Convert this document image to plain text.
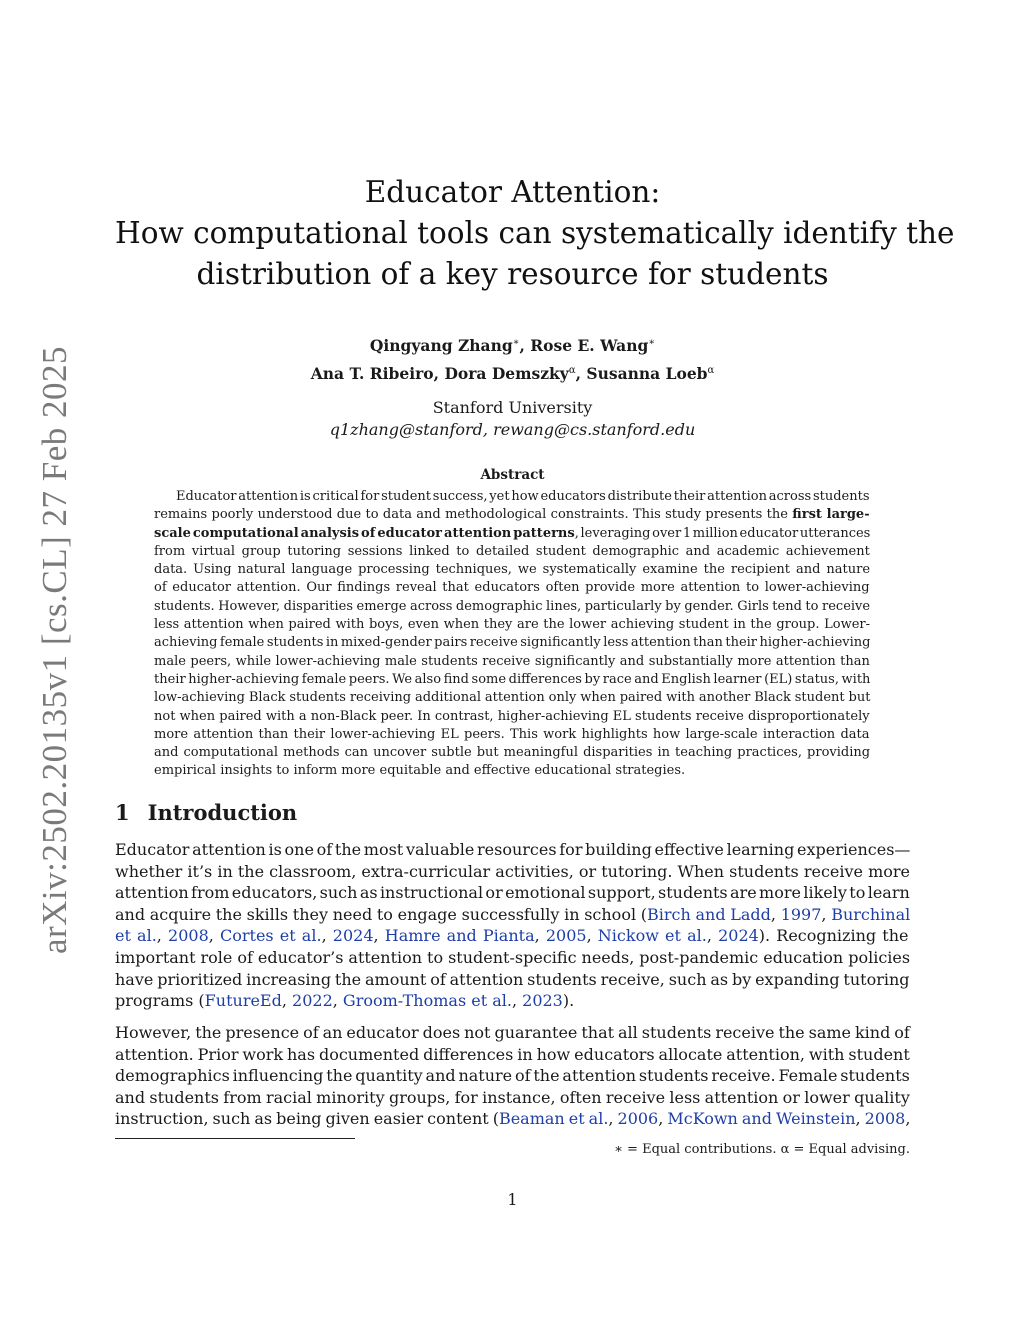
arXiv:2502.20135v1 [cs.CL] 27 Feb 2025
Educator Attention:
How computational tools can systematically identify the
distribution of a key resource for students
Qingyang Zhang∗, Rose E. Wang∗
Ana T. Ribeiro, Dora Demszky$^\alpha$, Susanna Loeb$^\alpha$
Stanford University
q1zhang@stanford, rewang@cs.stanford.edu
Abstract
Educator attention is critical for student success, yet how educators distribute their attention across students
remains poorly understood due to data and methodological constraints. This study presents the first large-
scale computational analysis of educator attention patterns, leveraging over 1 million educator utterances
from virtual group tutoring sessions linked to detailed student demographic and academic achievement
data. Using natural language processing techniques, we systematically examine the recipient and nature
of educator attention. Our findings reveal that educators often provide more attention to lower-achieving
students. However, disparities emerge across demographic lines, particularly by gender. Girls tend to receive
less attention when paired with boys, even when they are the lower achieving student in the group. Lower-
achieving female students in mixed-gender pairs receive significantly less attention than their higher-achieving
male peers, while lower-achieving male students receive significantly and substantially more attention than
their higher-achieving female peers. We also find some differences by race and English learner (EL) status, with
low-achieving Black students receiving additional attention only when paired with another Black student but
not when paired with a non-Black peer. In contrast, higher-achieving EL students receive disproportionately
more attention than their lower-achieving EL peers. This work highlights how large-scale interaction data
and computational methods can uncover subtle but meaningful disparities in teaching practices, providing
empirical insights to inform more equitable and effective educational strategies.
1 Introduction
Educator attention is one of the most valuable resources for building effective learning experiences—
whether it’s in the classroom, extra-curricular activities, or tutoring. When students receive more
attention from educators, such as instructional or emotional support, students are more likely to learn
and acquire the skills they need to engage successfully in school (Birch and Ladd, 1997, Burchinal
et al., 2008, Cortes et al., 2024, Hamre and Pianta, 2005, Nickow et al., 2024). Recognizing the
important role of educator’s attention to student-specific needs, post-pandemic education policies
have prioritized increasing the amount of attention students receive, such as by expanding tutoring
programs (FutureEd, 2022, Groom-Thomas et al., 2023).
However, the presence of an educator does not guarantee that all students receive the same kind of
attention. Prior work has documented differences in how educators allocate attention, with student
demographics influencing the quantity and nature of the attention students receive. Female students
and students from racial minority groups, for instance, often receive less attention or lower quality
instruction, such as being given easier content (Beaman et al., 2006, McKown and Weinstein, 2008,
∗ = Equal contributions. α = Equal advising.
1
